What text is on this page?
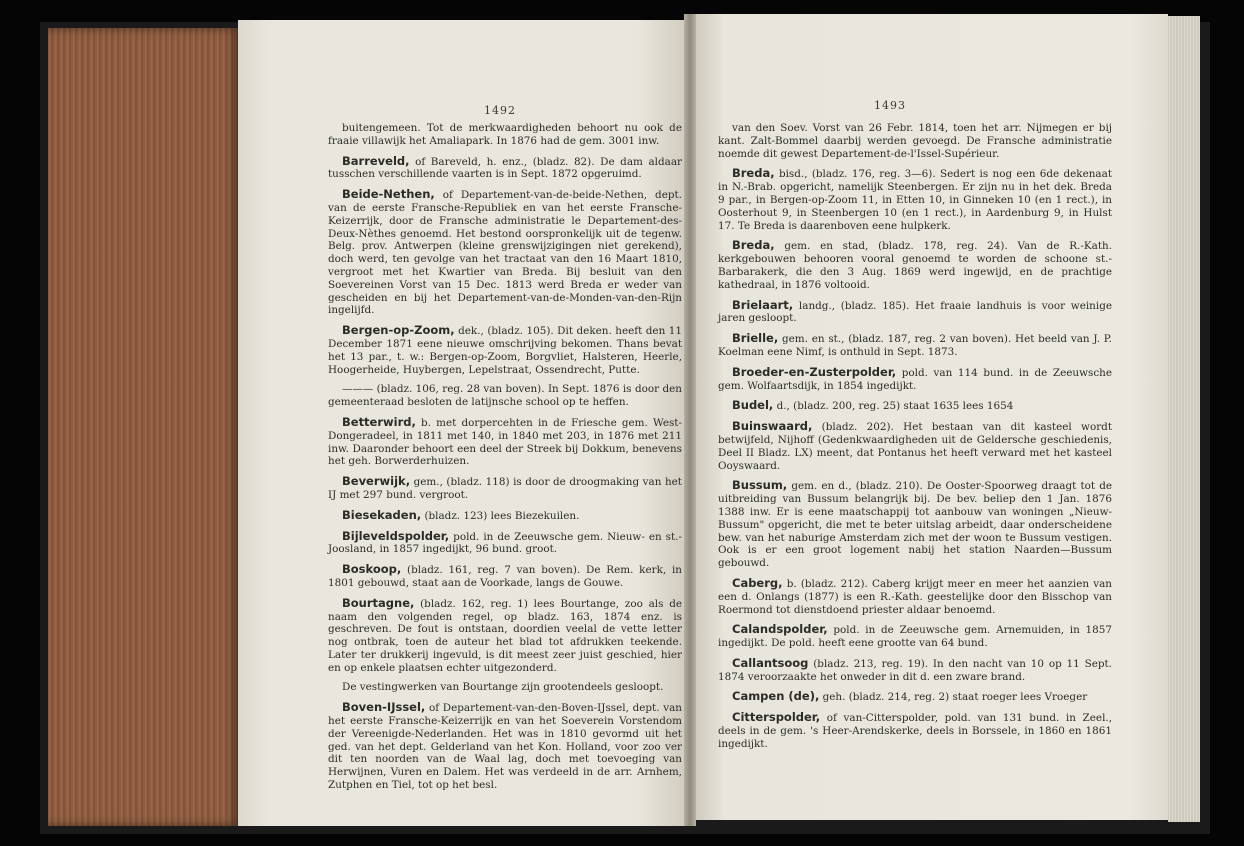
1492	1493
buitengemeen. Tot de merkwaardigheden behoort nu ook de fraaie villawijk het Amaliapark. In 1876 had de gem. 3001 inw.
Barreveld, of Bareveld, h. enz., (bladz. 82). De dam aldaar tusschen verschillende vaarten is in Sept. 1872 opgeruimd.
Beide-Nethen, of Departement-van-de-beide-Nethen, dept. van de eerste Fransche-Republiek en van het eerste Fransche-Keizerrijk, door de Fransche administratie le Departement-des-Deux-Nèthes genoemd. Het bestond oorspronkelijk uit de tegenw. Belg. prov. Antwerpen (kleine grenswijzigingen niet gerekend), doch werd, ten gevolge van het tractaat van den 16 Maart 1810, vergroot met het Kwartier van Breda. Bij besluit van den Soevereinen Vorst van 15 Dec. 1813 werd Breda er weder van gescheiden en bij het Departement-van-de-Monden-van-den-Rijn ingelijfd.
Bergen-op-Zoom, dek., (bladz. 105). Dit deken. heeft den 11 December 1871 eene nieuwe omschrijving bekomen. Thans bevat het 13 par., t. w.: Bergen-op-Zoom, Borgvliet, Halsteren, Heerle, Hoogerheide, Huybergen, Lepelstraat, Ossendrecht, Putte.
——— (bladz. 106, reg. 28 van boven). In Sept. 1876 is door den gemeenteraad besloten de latijnsche school op te heffen.
Betterwird, b. met dorpercehten in de Friesche gem. West-Dongeradeel, in 1811 met 140, in 1840 met 203, in 1876 met 211 inw. Daaronder behoort een deel der Streek bij Dokkum, benevens het geh. Borwerderhuizen.
Beverwijk, gem., (bladz. 118) is door de droogmaking van het IJ met 297 bund. vergroot.
Biesekaden, (bladz. 123) lees Biezekuilen.
Bijleveldspolder, pold. in de Zeeuwsche gem. Nieuw- en st.-Joosland, in 1857 ingedijkt, 96 bund. groot.
Boskoop, (bladz. 161, reg. 7 van boven). De Rem. kerk, in 1801 gebouwd, staat aan de Voorkade, langs de Gouwe.
Bourtagne, (bladz. 162, reg. 1) lees Bourtange, zoo als de naam den volgenden regel, op bladz. 163, 1874 enz. is geschreven. De fout is ontstaan, doordien veelal de vette letter nog ontbrak, toen de auteur het blad tot afdrukken teekende. Later ter drukkerij ingevuld, is dit meest zeer juist geschied, hier en op enkele plaatsen echter uitgezonderd.
De vestingwerken van Bourtange zijn grootendeels gesloopt.
Boven-IJssel, of Departement-van-den-Boven-IJssel, dept. van het eerste Fransche-Keizerrijk en van het Soeverein Vorstendom der Vereenigde-Nederlanden. Het was in 1810 gevormd uit het ged. van het dept. Gelderland van het Kon. Holland, voor zoo ver dit ten noorden van de Waal lag, doch met toevoeging van Herwijnen, Vuren en Dalem. Het was verdeeld in de arr. Arnhem, Zutphen en Tiel, tot op het besl.
van den Soev. Vorst van 26 Febr. 1814, toen het arr. Nijmegen er bij kant. Zalt-Bommel daarbij werden gevoegd. De Fransche administratie noemde dit gewest Departement-de-l'Issel-Supérieur.
Breda, bisd., (bladz. 176, reg. 3—6). Sedert is nog een 6de dekenaat in N.-Brab. opgericht, namelijk Steenbergen. Er zijn nu in het dek. Breda 9 par., in Bergen-op-Zoom 11, in Etten 10, in Ginneken 10 (en 1 rect.), in Oosterhout 9, in Steenbergen 10 (en 1 rect.), in Aardenburg 9, in Hulst 17. Te Breda is daarenboven eene hulpkerk.
Breda, gem. en stad, (bladz. 178, reg. 24). Van de R.-Kath. kerkgebouwen behooren vooral genoemd te worden de schoone st.-Barbarakerk, die den 3 Aug. 1869 werd ingewijd, en de prachtige kathedraal, in 1876 voltooid.
Brielaart, landg., (bladz. 185). Het fraaie landhuis is voor weinige jaren gesloopt.
Brielle, gem. en st., (bladz. 187, reg. 2 van boven). Het beeld van J. P. Koelman eene Nimf, is onthuld in Sept. 1873.
Broeder-en-Zusterpolder, pold. van 114 bund. in de Zeeuwsche gem. Wolfaartsdijk, in 1854 ingedijkt.
Budel, d., (bladz. 200, reg. 25) staat 1635 lees 1654
Buinswaard, (bladz. 202). Het bestaan van dit kasteel wordt betwijfeld, Nijhoff (Gedenkwaardigheden uit de Geldersche geschiedenis, Deel II Bladz. LX) meent, dat Pontanus het heeft verward met het kasteel Ooyswaard.
Bussum, gem. en d., (bladz. 210). De Ooster-Spoorweg draagt tot de uitbreiding van Bussum belangrijk bij. De bev. beliep den 1 Jan. 1876 1388 inw. Er is eene maatschappij tot aanbouw van woningen „Nieuw-Bussum" opgericht, die met te beter uitslag arbeidt, daar onderscheidene bew. van het naburige Amsterdam zich met der woon te Bussum vestigen. Ook is er een groot logement nabij het station Naarden—Bussum gebouwd.
Caberg, b. (bladz. 212). Caberg krijgt meer en meer het aanzien van een d. Onlangs (1877) is een R.-Kath. geestelijke door den Bisschop van Roermond tot dienstdoend priester aldaar benoemd.
Calandspolder, pold. in de Zeeuwsche gem. Arnemuiden, in 1857 ingedijkt. De pold. heeft eene grootte van 64 bund.
Callantsoog (bladz. 213, reg. 19). In den nacht van 10 op 11 Sept. 1874 veroorzaakte het onweder in dit d. een zware brand.
Campen (de), geh. (bladz. 214, reg. 2) staat roeger lees Vroeger
Citterspolder, of van-Citterspolder, pold. van 131 bund. in Zeel., deels in de gem. 's Heer-Arendskerke, deels in Borssele, in 1860 en 1861 ingedijkt.
